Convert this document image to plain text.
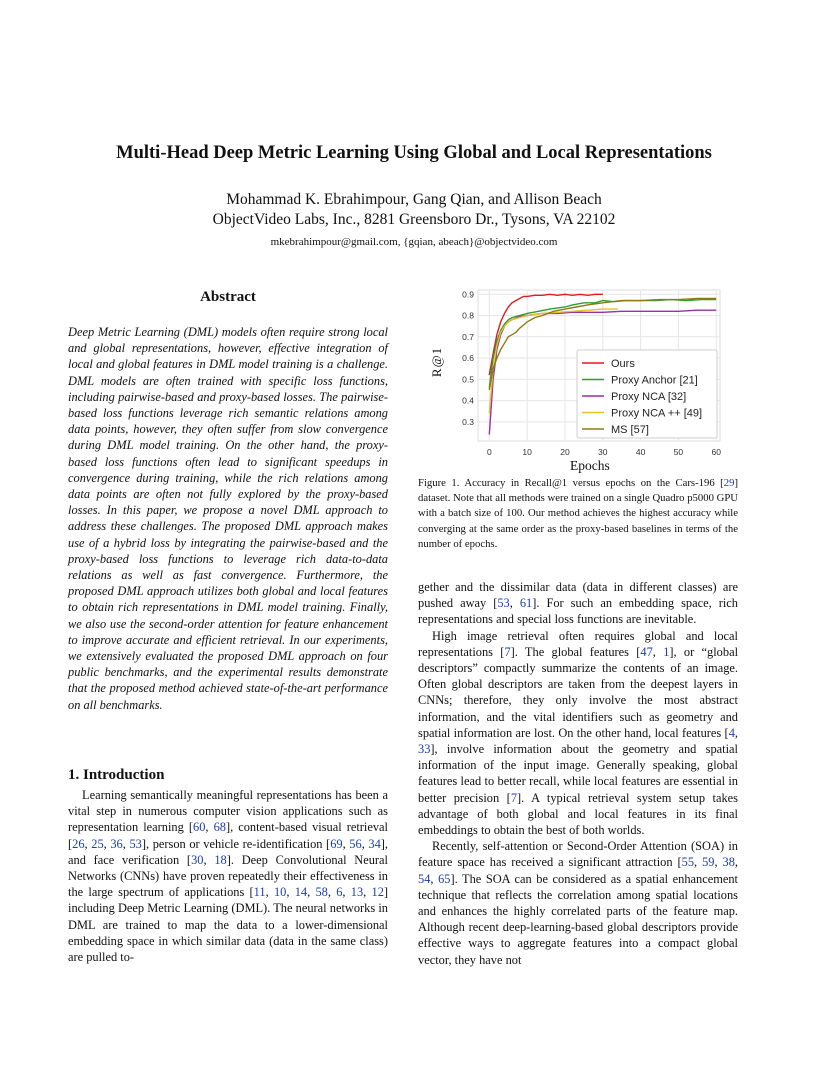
Multi-Head Deep Metric Learning Using Global and Local Representations
Mohammad K. Ebrahimpour, Gang Qian, and Allison Beach
ObjectVideo Labs, Inc., 8281 Greensboro Dr., Tysons, VA 22102
mkebrahimpour@gmail.com, {gqian, abeach}@objectvideo.com
Abstract
Deep Metric Learning (DML) models often require strong local and global representations, however, effective integration of local and global features in DML model training is a challenge. DML models are often trained with specific loss functions, including pairwise-based and proxy-based losses. The pairwise-based loss functions leverage rich semantic relations among data points, however, they often suffer from slow convergence during DML model training. On the other hand, the proxy-based loss functions often lead to significant speedups in convergence during training, while the rich relations among data points are often not fully explored by the proxy-based losses. In this paper, we propose a novel DML approach to address these challenges. The proposed DML approach makes use of a hybrid loss by integrating the pairwise-based and the proxy-based loss functions to leverage rich data-to-data relations as well as fast convergence. Furthermore, the proposed DML approach utilizes both global and local features to obtain rich representations in DML model training. Finally, we also use the second-order attention for feature enhancement to improve accurate and efficient retrieval. In our experiments, we extensively evaluated the proposed DML approach on four public benchmarks, and the experimental results demonstrate that the proposed method achieved state-of-the-art performance on all benchmarks.
1. Introduction
Learning semantically meaningful representations has been a vital step in numerous computer vision applications such as representation learning [60, 68], content-based visual retrieval [26, 25, 36, 53], person or vehicle re-identification [69, 56, 34], and face verification [30, 18]. Deep Convolutional Neural Networks (CNNs) have proven repeatedly their effectiveness in the large spectrum of applications [11, 10, 14, 58, 6, 13, 12] including Deep Metric Learning (DML). The neural networks in DML are trained to map the data to a lower-dimensional embedding space in which similar data (data in the same class) are pulled to-
0	10	20	30	40	50	60
0.3
0.4
0.5
0.6
0.7
0.8
0.9
Ours
Proxy Anchor [21]
Proxy NCA [32]
Proxy NCA ++ [49]
MS [57]
R@1
Epochs
Figure 1. Accuracy in Recall@1 versus epochs on the Cars-196 [29] dataset. Note that all methods were trained on a single Quadro p5000 GPU with a batch size of 100. Our method achieves the highest accuracy while converging at the same order as the proxy-based baselines in terms of the number of epochs.

gether and the dissimilar data (data in different classes) are pushed away [53, 61]. For such an embedding space, rich representations and special loss functions are inevitable.

High image retrieval often requires global and local representations [7]. The global features [47, 1], or “global descriptors” compactly summarize the contents of an image. Often global descriptors are taken from the deepest layers in CNNs; therefore, they only involve the most abstract information, and the vital identifiers such as geometry and spatial information are lost. On the other hand, local features [4, 33], involve information about the geometry and spatial information of the input image. Generally speaking, global features lead to better recall, while local features are essential in better precision [7]. A typical retrieval system setup takes advantage of both global and local features in its final embeddings to obtain the best of both worlds.

Recently, self-attention or Second-Order Attention (SOA) in feature space has received a significant attraction [55, 59, 38, 54, 65]. The SOA can be considered as a spatial enhancement technique that reflects the correlation among spatial locations and enhances the highly correlated parts of the feature map. Although recent deep-learning-based global descriptors provide effective ways to aggregate features into a compact global vector, they have not
